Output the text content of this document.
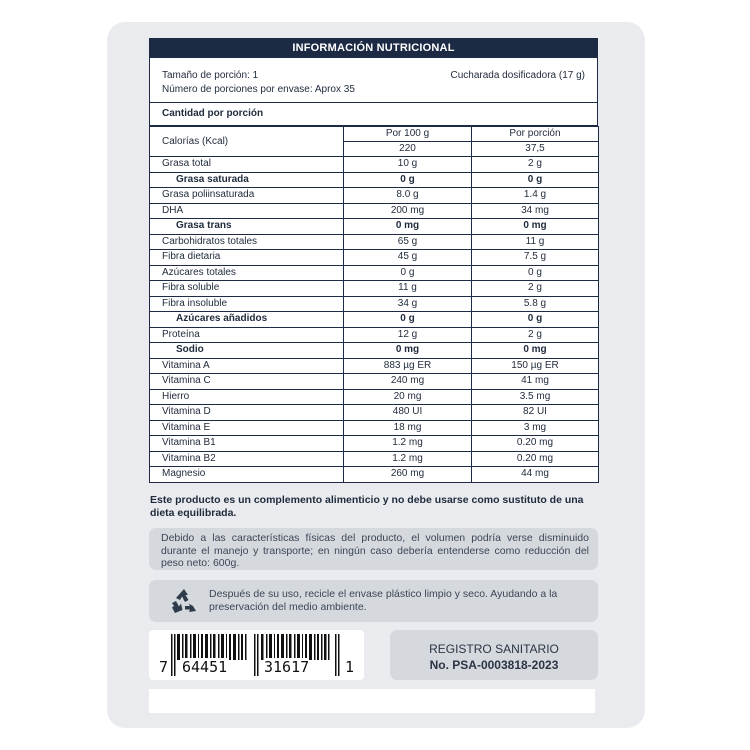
INFORMACIÓN NUTRICIONAL
Tamaño de porción: 1
Número de porciones por envase: Aprox 35
Cucharada dosificadora (17 g)
Cantidad por porción
Calorías (Kcal)	Por 100 g	Por porción
	220	37,5
Grasa total	10 g	2 g
Grasa saturada	0 g	0 g
Grasa poliinsaturada	8.0 g	1.4 g
DHA	200 mg	34 mg
Grasa trans	0 mg	0 mg
Carbohidratos totales	65 g	11 g
Fibra dietaria	45 g	7.5 g
Azúcares totales	0 g	0 g
Fibra soluble	11 g	2 g
Fibra insoluble	34 g	5.8 g
Azúcares añadidos	0 g	0 g
Proteína	12 g	2 g
Sodio	0 mg	0 mg
Vitamina A	883 µg ER	150 µg ER
Vitamina C	240 mg	41 mg
Hierro	20 mg	3.5 mg
Vitamina D	480 UI	82 UI
Vitamina E	18 mg	3 mg
Vitamina B1	1.2 mg	0.20 mg
Vitamina B2	1.2 mg	0.20 mg
Magnesio	260 mg	44 mg
Este producto es un complemento alimenticio y no debe usarse como sustituto de una dieta equilibrada.

Debido a las características físicas del producto, el volumen podría verse disminuido durante el manejo y transporte; en ningún caso debería entenderse como reducción del peso neto: 600g.

Después de su uso, recicle el envase plástico limpio y seco. Ayudando a la preservación del medio ambiente.

7 64451 31617 1
REGISTRO SANITARIO
No. PSA-0003818-2023
